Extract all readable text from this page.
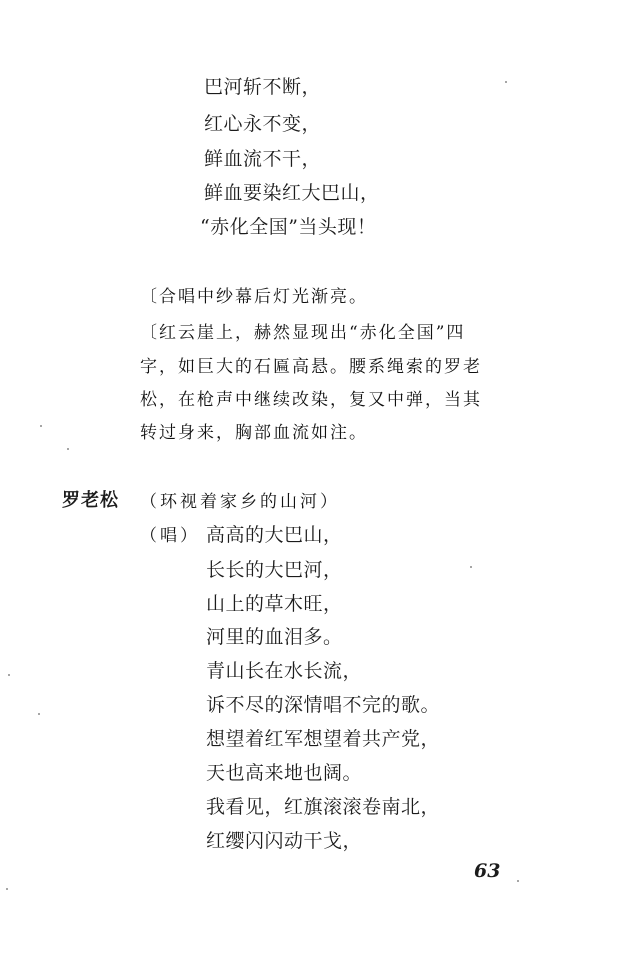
巴河斩不断，
红心永不变，
鲜血流不干，
鲜血要染红大巴山，
“赤化全国”当头现！
〔合唱中纱幕后灯光渐亮。
〔红云崖上，赫然显现出“赤化全国”四
字，如巨大的石匾高悬。腰系绳索的罗老
松，在枪声中继续改染，复又中弹，当其
转过身来，胸部血流如注。
罗老松 （环视着家乡的山河）
（唱） 高高的大巴山，
长长的大巴河，
山上的草木旺，
河里的血泪多。
青山长在水长流，
诉不尽的深情唱不完的歌。
想望着红军想望着共产党，
天也高来地也阔。
我看见，红旗滚滚卷南北，
红缨闪闪动干戈，
63
